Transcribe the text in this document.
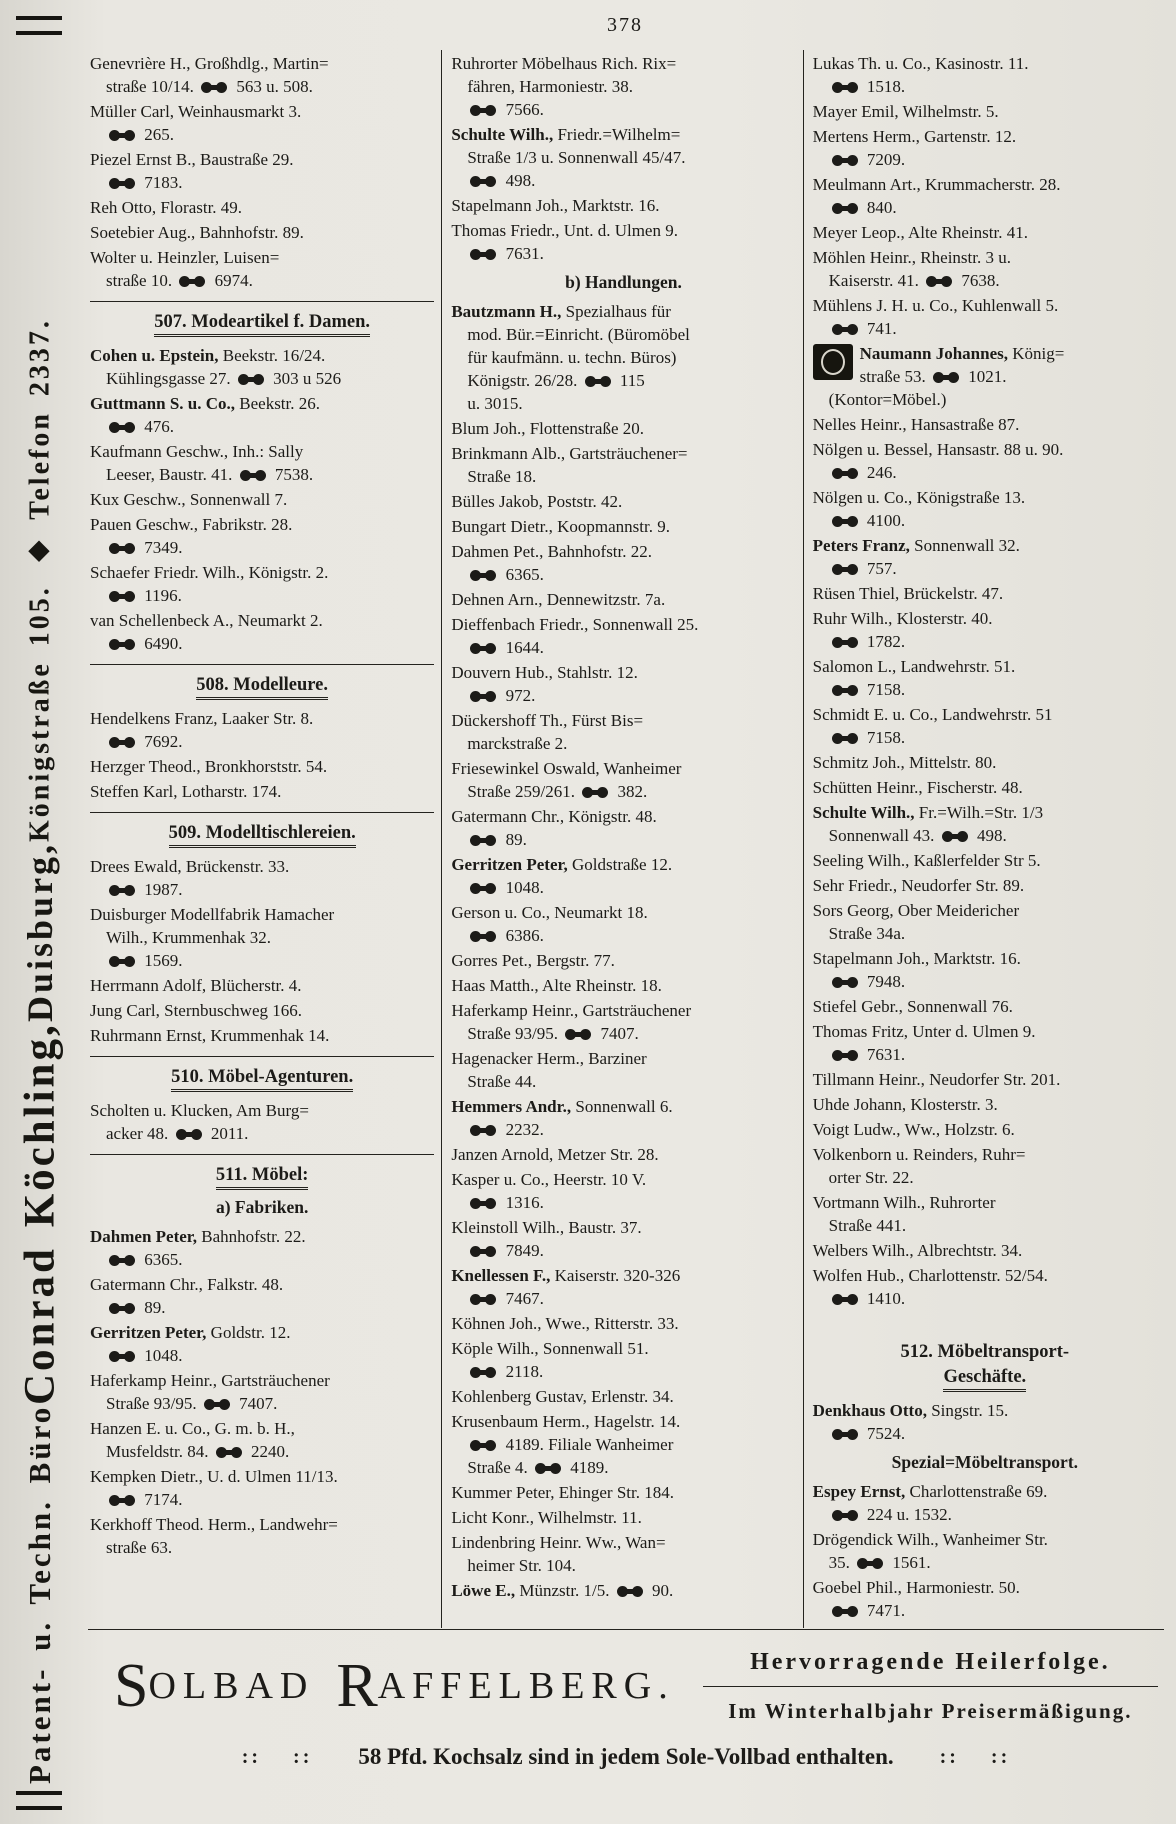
Patent- u. Techn. Büro
Conrad Köchling,
Duisburg,
Königstraße 105. ◆ Telefon 2337.
378
Genevrière H., Großhdlg., Martin=
straße 10/14.  563 u. 508.
Müller Carl, Weinhausmarkt 3.
265.
Piezel Ernst B., Baustraße 29.
7183.
Reh Otto, Florastr. 49.
Soetebier Aug., Bahnhofstr. 89.
Wolter u. Heinzler, Luisen=
straße 10.  6974.
507. Modeartikel f. Damen.
Cohen u. Epstein, Beekstr. 16/24.
Kühlingsgasse 27.  303 u 526
Guttmann S. u. Co., Beekstr. 26.
476.
Kaufmann Geschw., Inh.: Sally
Leeser, Baustr. 41.  7538.
Kux Geschw., Sonnenwall 7.
Pauen Geschw., Fabrikstr. 28.
7349.
Schaefer Friedr. Wilh., Königstr. 2.
1196.
van Schellenbeck A., Neumarkt 2.
6490.
508. Modelleure.
Hendelkens Franz, Laaker Str. 8.
7692.
Herzger Theod., Bronkhorststr. 54.
Steffen Karl, Lotharstr. 174.
509. Modelltischlereien.
Drees Ewald, Brückenstr. 33.
1987.
Duisburger Modellfabrik Hamacher
Wilh., Krummenhak 32.
1569.
Herrmann Adolf, Blücherstr. 4.
Jung Carl, Sternbuschweg 166.
Ruhrmann Ernst, Krummenhak 14.
510. Möbel-Agenturen.
Scholten u. Klucken, Am Burg=
acker 48.  2011.
511. Möbel:
a) Fabriken.
Dahmen Peter, Bahnhofstr. 22.
6365.
Gatermann Chr., Falkstr. 48.
89.
Gerritzen Peter, Goldstr. 12.
1048.
Haferkamp Heinr., Gartsträuchener
Straße 93/95.  7407.
Hanzen E. u. Co., G. m. b. H.,
Musfeldstr. 84.  2240.
Kempken Dietr., U. d. Ulmen 11/13.
7174.
Kerkhoff Theod. Herm., Landwehr=
straße 63.
Ruhrorter Möbelhaus Rich. Rix=
fähren, Harmoniestr. 38.
7566.
Schulte Wilh., Friedr.=Wilhelm=
Straße 1/3 u. Sonnenwall 45/47.
498.
Stapelmann Joh., Marktstr. 16.
Thomas Friedr., Unt. d. Ulmen 9.
7631.
b) Handlungen.
Bautzmann H., Spezialhaus für
mod. Bür.=Einricht. (Büromöbel
für kaufmänn. u. techn. Büros)
Königstr. 26/28.  115
u. 3015.
Blum Joh., Flottenstraße 20.
Brinkmann Alb., Gartsträuchener=
Straße 18.
Bülles Jakob, Poststr. 42.
Bungart Dietr., Koopmannstr. 9.
Dahmen Pet., Bahnhofstr. 22.
6365.
Dehnen Arn., Dennewitzstr. 7a.
Dieffenbach Friedr., Sonnenwall 25.
1644.
Douvern Hub., Stahlstr. 12.
972.
Dückershoff Th., Fürst Bis=
marckstraße 2.
Friesewinkel Oswald, Wanheimer
Straße 259/261.  382.
Gatermann Chr., Königstr. 48.
89.
Gerritzen Peter, Goldstraße 12.
1048.
Gerson u. Co., Neumarkt 18.
6386.
Gorres Pet., Bergstr. 77.
Haas Matth., Alte Rheinstr. 18.
Haferkamp Heinr., Gartsträuchener
Straße 93/95.  7407.
Hagenacker Herm., Barziner
Straße 44.
Hemmers Andr., Sonnenwall 6.
2232.
Janzen Arnold, Metzer Str. 28.
Kasper u. Co., Heerstr. 10 V.
1316.
Kleinstoll Wilh., Baustr. 37.
7849.
Knellessen F., Kaiserstr. 320-326
7467.
Köhnen Joh., Wwe., Ritterstr. 33.
Köple Wilh., Sonnenwall 51.
2118.
Kohlenberg Gustav, Erlenstr. 34.
Krusenbaum Herm., Hagelstr. 14.
4189. Filiale Wanheimer
Straße 4.  4189.
Kummer Peter, Ehinger Str. 184.
Licht Konr., Wilhelmstr. 11.
Lindenbring Heinr. Ww., Wan=
heimer Str. 104.
Löwe E., Münzstr. 1/5.  90.
Lukas Th. u. Co., Kasinostr. 11.
1518.
Mayer Emil, Wilhelmstr. 5.
Mertens Herm., Gartenstr. 12.
7209.
Meulmann Art., Krummacherstr. 28.
840.
Meyer Leop., Alte Rheinstr. 41.
Möhlen Heinr., Rheinstr. 3 u.
Kaiserstr. 41.  7638.
Mühlens J. H. u. Co., Kuhlenwall 5.
741.
Naumann Johannes, König=
straße 53.  1021.
(Kontor=Möbel.)
Nelles Heinr., Hansastraße 87.
Nölgen u. Bessel, Hansastr. 88 u. 90.
246.
Nölgen u. Co., Königstraße 13.
4100.
Peters Franz, Sonnenwall 32.
757.
Rüsen Thiel, Brückelstr. 47.
Ruhr Wilh., Klosterstr. 40.
1782.
Salomon L., Landwehrstr. 51.
7158.
Schmidt E. u. Co., Landwehrstr. 51
7158.
Schmitz Joh., Mittelstr. 80.
Schütten Heinr., Fischerstr. 48.
Schulte Wilh., Fr.=Wilh.=Str. 1/3
Sonnenwall 43.  498.
Seeling Wilh., Kaßlerfelder Str 5.
Sehr Friedr., Neudorfer Str. 89.
Sors Georg, Ober Meidericher
Straße 34a.
Stapelmann Joh., Marktstr. 16.
7948.
Stiefel Gebr., Sonnenwall 76.
Thomas Fritz, Unter d. Ulmen 9.
7631.
Tillmann Heinr., Neudorfer Str. 201.
Uhde Johann, Klosterstr. 3.
Voigt Ludw., Ww., Holzstr. 6.
Volkenborn u. Reinders, Ruhr=
orter Str. 22.
Vortmann Wilh., Ruhrorter
Straße 441.
Welbers Wilh., Albrechtstr. 34.
Wolfen Hub., Charlottenstr. 52/54.
1410.
512. Möbeltransport-
Geschäfte.
Denkhaus Otto, Singstr. 15.
7524.
Spezial=Möbeltransport.
Espey Ernst, Charlottenstraße 69.
224 u. 1532.
Drögendick Wilh., Wanheimer Str.
35.  1561.
Goebel Phil., Harmoniestr. 50.
7471.
S OLBAD R AFFELBERG.
Hervorragende Heilerfolge.
Im Winterhalbjahr Preisermäßigung.
::    :: 58 Pfd. Kochsalz sind in jedem Sole-Vollbad enthalten. ::    ::
